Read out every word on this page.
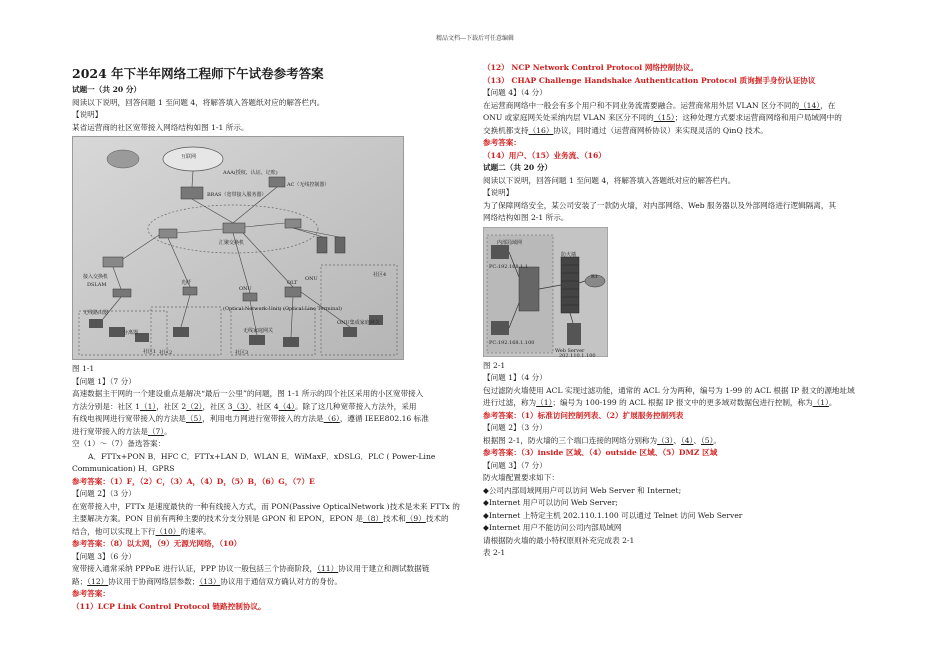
精品文档---下载后可任意编辑

2024 年下半年网络工程师下午试卷参考答案

试题一（共 20 分）

阅读以下说明，回答问题 1 至问题 4，将解答填入答题纸对应的解答栏内。

【说明】

某省运营商的社区宽带接入网络结构如图 1-1 所示。

互联网
AAA(授权、认证、记账)
BRAS（宽带接入服务器）
AC（无线控制器）
汇聚交换机
接入交换机
光纤
ONU
ONU
OLT
(Optical Network Unit) (Optical Line Terminal)
DSLAM
分离器
无线路由器
无线家庭网关
ONU集成家庭网关
社区1 社区2	社区3
社区4

图 1-1

【问题 1】（7 分）

高速数据主干网的一个建设重点是解决“最后一公里”的问题，图 1-1 所示的四个社区采用的小区宽带接入

方法分别是：社区 1（1），社区 2（2），社区 3（3），社区 4（4）。除了这几种宽带接入方法外，采用

有线电视网进行宽带接入的方法是（5），利用电力网进行宽带接入的方法是（6），遵循 IEEE802.16 标准

进行宽带接入的方法是（7）。

空（1）～（7）备选答案：

A．FTTx+PON B．HFC C．FTTx+LAN D．WLAN E．WiMaxF．xDSLG．PLC ( Power-Line

Communication) H．GPRS

参考答案：（1）F，（2）C，（3）A，（4）D，（5）B，（6）G，（7）E

【问题 2】（3 分）

在宽带接入中，FTTx 是速度最快的一种有线接入方式，而 PON(Passive OpticalNetwork )技术是未来 FTTx 的

主要解决方案。PON 目前有两种主要的技术分支分别是 GPON 和 EPON，EPON 是（8）技术和（9）技术的

结合，他可以实现上下行（10）的速率。

参考答案：（8）以太网，（9）无源光网络，（10）

【问题 3】（6 分）

宽带接入通常采纳 PPPoE 进行认证，PPP 协议一般包括三个协商阶段，（11）协议用于建立和测试数据链

路；（12）协议用于协商网络层参数；（13）协议用于通信双方确认对方的身份。

参考答案：

（11）LCP Link Control Protocol 链路控制协议。

（12） NCP Network Control Protocol 网络控制协议。

（13） CHAP Challenge Handshake Authentication Protocol 质询握手身份认证协议

【问题 4】（4 分）

在运营商网络中一般会有多个用户和不同业务流需要融合。运营商常用外层 VLAN 区分不同的（14），在

ONU 或家庭网关处采纳内层 VLAN 来区分不同的（15）；这种处理方式要求运营商网络和用户局域网中的

交换机都支持（16）协议，同时通过（运营商网桥协议）来实现灵活的 QinQ 技术。

参考答案：

（14）用户、（15）业务流、（16）

试题二（共 20 分）

阅读以下说明，回答问题 1 至问题 4，将解答填入答题纸对应的解答栏内。

【说明】

为了保障网络安全，某公司安装了一款防火墙，对内部网络、Web 服务器以及外部网络进行逻辑隔离，其

网络结构如图 2-1 所示。

内部局域网
PC:192.168.1.1
PC:192.168.1.100
防火墙
R1
Web Server
202.110.1.100

图 2-1

【问题 1】（4 分）

包过滤防火墙使用 ACL 实现过滤功能，通常的 ACL 分为两种，编号为 1-99 的 ACL 根据 IP 报文的源地址域

进行过滤，称为（1）；编号为 100-199 的 ACL 根据 IP 报文中的更多域对数据包进行控制，称为（1）。

参考答案：（1）标准访问控制列表、（2）扩展服务控制列表

【问题 2】（3 分）

根据图 2-1，防火墙的三个端口连接的网络分别称为（3）、（4）、（5）。

参考答案：（3）inside 区域、（4）outside 区域、（5）DMZ 区域

【问题 3】（7 分）

防火墙配置要求如下：

◆公司内部局域网用户可以访问 Web Server 和 Internet;

◆Internet 用户可以访问 Web Server;

◆Internet 上特定主机 202.110.1.100 可以通过 Telnet 访问 Web Server

◆Internet 用户不能访问公司内部局域网

请根据防火墙的最小特权原则补充完成表 2-1

表 2-1
